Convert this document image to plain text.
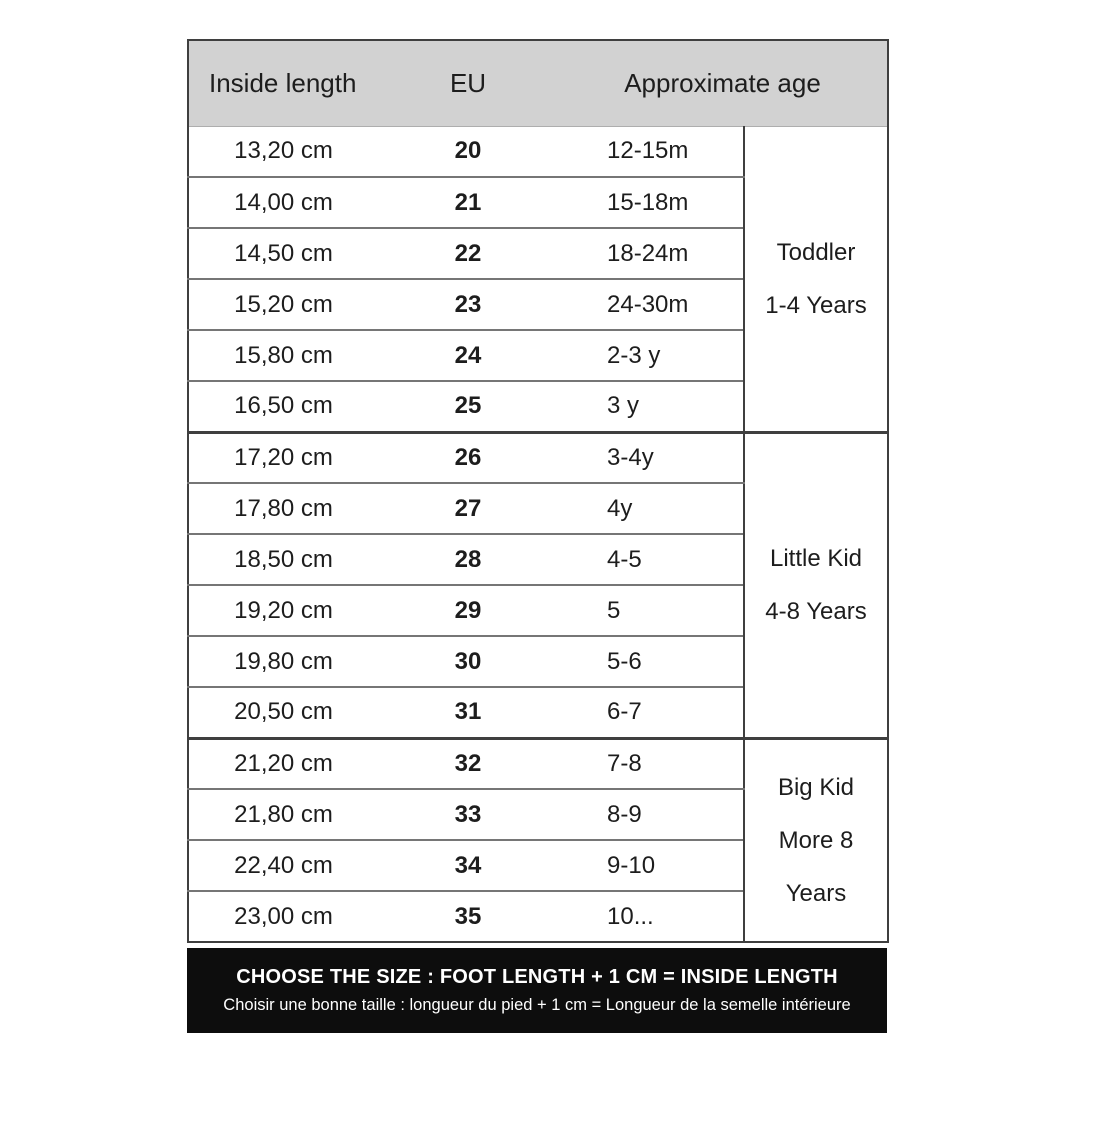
Inside length	EU	Approximate age	
13,20 cm	20	12-15m	Toddler
1-4 Years

14,00 cm	21	15-18m	
14,50 cm	22	18-24m	
15,20 cm	23	24-30m	
15,80 cm	24	2-3 y	
16,50 cm	25	3 y	
17,20 cm	26	3-4y	Little Kid
4-8 Years

17,80 cm	27	4y	
18,50 cm	28	4-5	
19,20 cm	29	5	
19,80 cm	30	5-6	
20,50 cm	31	6-7	
21,20 cm	32	7-8	Big Kid
More 8
Years

21,80 cm	33	8-9	
22,40 cm	34	9-10	
23,00 cm	35	10...	
CHOOSE THE SIZE : FOOT LENGTH + 1 CM = INSIDE LENGTH
Choisir une bonne taille : longueur du pied + 1 cm = Longueur de la semelle intérieure
